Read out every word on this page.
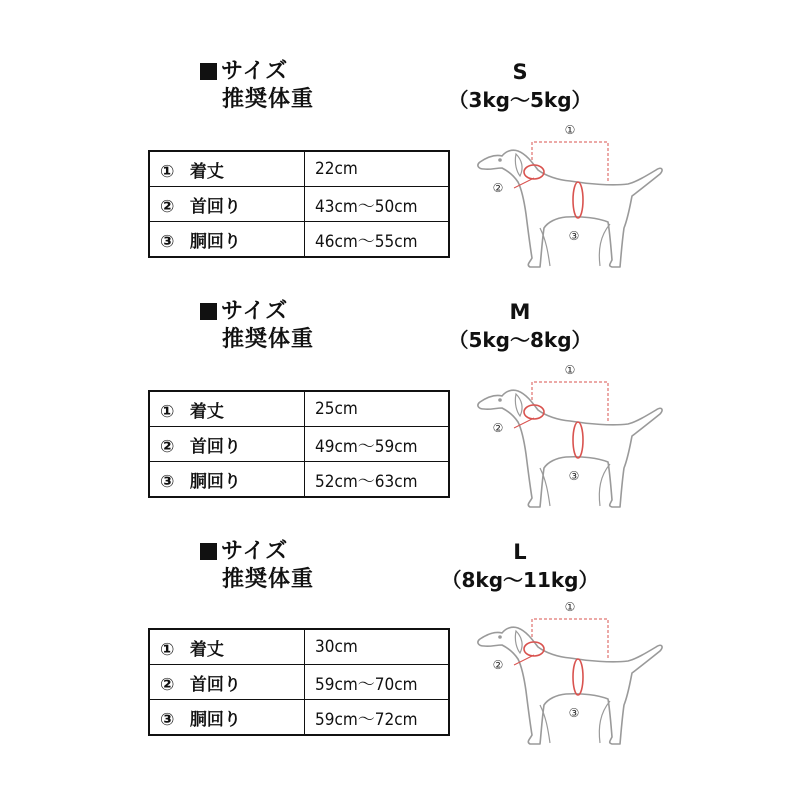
サイズ
推奨体重
S
（3kg～5kg）
① 着丈	22cm
② 首回り	43cm～50cm
③ 胴回り	46cm～55cm
①
②
③
サイズ
推奨体重
M
（5kg～8kg）
① 着丈	25cm
② 首回り	49cm～59cm
③ 胴回り	52cm～63cm
①
②
③
サイズ
推奨体重
L
（8kg～11kg）
① 着丈	30cm
② 首回り	59cm～70cm
③ 胴回り	59cm～72cm
①
②
③
